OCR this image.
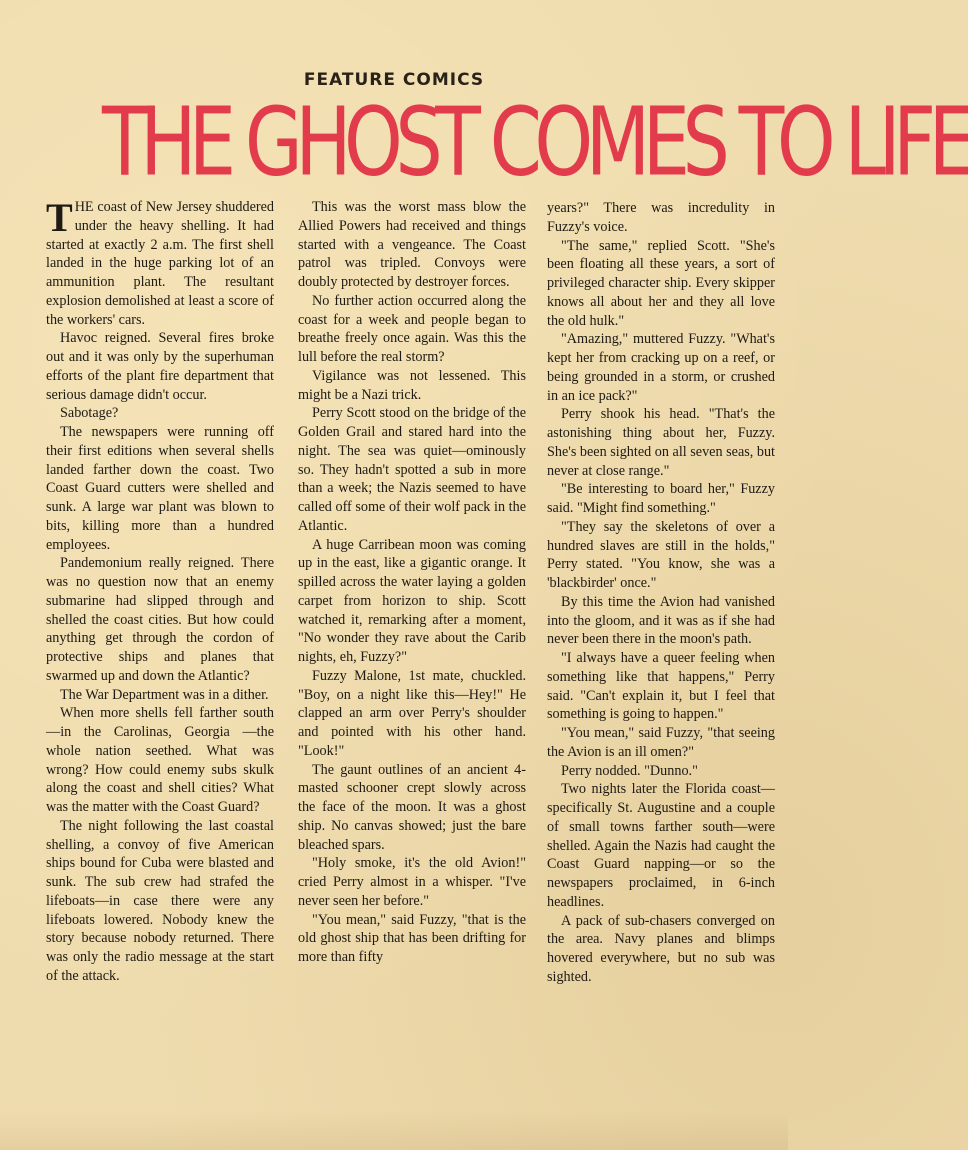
FEATURE COMICS
THE GHOST COMES TO LIFE

THE coast of New Jersey shuddered under the heavy shelling. It had started at exactly 2 a.m. The first shell landed in the huge parking lot of an ammunition plant. The resultant explosion demolished at least a score of the workers' cars.

Havoc reigned. Several fires broke out and it was only by the superhuman efforts of the plant fire department that serious damage didn't occur.

Sabotage?

The newspapers were running off their first editions when several shells landed farther down the coast. Two Coast Guard cutters were shelled and sunk. A large war plant was blown to bits, killing more than a hundred employees.

Pandemonium really reigned. There was no question now that an enemy submarine had slipped through and shelled the coast cities. But how could anything get through the cordon of protective ships and planes that swarmed up and down the Atlantic?

The War Department was in a dither.

When more shells fell farther south—in the Carolinas, Georgia —the whole nation seethed. What was wrong? How could enemy subs skulk along the coast and shell cities? What was the matter with the Coast Guard?

The night following the last coastal shelling, a convoy of five American ships bound for Cuba were blasted and sunk. The sub crew had strafed the lifeboats—in case there were any lifeboats lowered. Nobody knew the story because nobody returned. There was only the radio message at the start of the attack.

This was the worst mass blow the Allied Powers had received and things started with a vengeance. The Coast patrol was tripled. Convoys were doubly protected by destroyer forces.

No further action occurred along the coast for a week and people began to breathe freely once again. Was this the lull before the real storm?

Vigilance was not lessened. This might be a Nazi trick.

Perry Scott stood on the bridge of the Golden Grail and stared hard into the night. The sea was quiet—ominously so. They hadn't spotted a sub in more than a week; the Nazis seemed to have called off some of their wolf pack in the Atlantic.

A huge Carribean moon was coming up in the east, like a gigantic orange. It spilled across the water laying a golden carpet from horizon to ship. Scott watched it, remarking after a moment, "No wonder they rave about the Carib nights, eh, Fuzzy?"

Fuzzy Malone, 1st mate, chuckled. "Boy, on a night like this—Hey!" He clapped an arm over Perry's shoulder and pointed with his other hand. "Look!"

The gaunt outlines of an ancient 4-masted schooner crept slowly across the face of the moon. It was a ghost ship. No canvas showed; just the bare bleached spars.

"Holy smoke, it's the old Avion!" cried Perry almost in a whisper. "I've never seen her before."

"You mean," said Fuzzy, "that is the old ghost ship that has been drifting for more than fifty

years?" There was incredulity in Fuzzy's voice.

"The same," replied Scott. "She's been floating all these years, a sort of privileged character ship. Every skipper knows all about her and they all love the old hulk."

"Amazing," muttered Fuzzy. "What's kept her from cracking up on a reef, or being grounded in a storm, or crushed in an ice pack?"

Perry shook his head. "That's the astonishing thing about her, Fuzzy. She's been sighted on all seven seas, but never at close range."

"Be interesting to board her," Fuzzy said. "Might find something."

"They say the skeletons of over a hundred slaves are still in the holds," Perry stated. "You know, she was a 'blackbirder' once."

By this time the Avion had vanished into the gloom, and it was as if she had never been there in the moon's path.

"I always have a queer feeling when something like that happens," Perry said. "Can't explain it, but I feel that something is going to happen."

"You mean," said Fuzzy, "that seeing the Avion is an ill omen?"

Perry nodded. "Dunno."

Two nights later the Florida coast—specifically St. Augustine and a couple of small towns farther south—were shelled. Again the Nazis had caught the Coast Guard napping—or so the newspapers proclaimed, in 6-inch headlines.

A pack of sub-chasers converged on the area. Navy planes and blimps hovered everywhere, but no sub was sighted.
